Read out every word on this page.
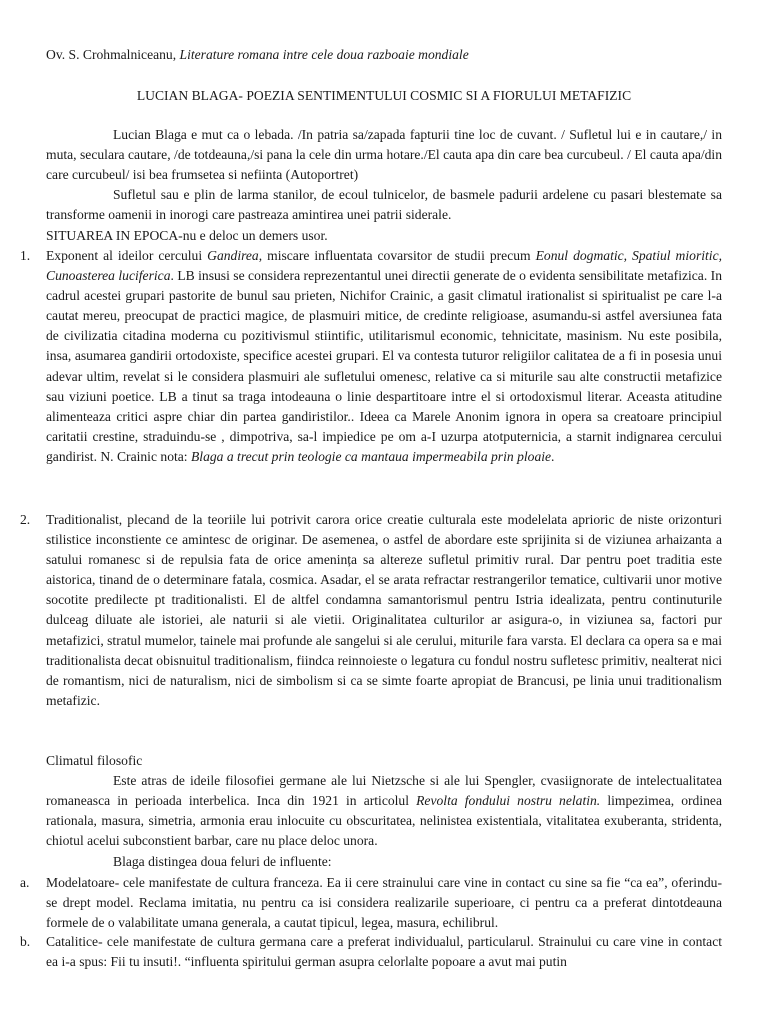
Ov. S. Crohmalniceanu, Literature romana intre cele doua razboaie mondiale
LUCIAN BLAGA- POEZIA SENTIMENTULUI COSMIC SI A FIORULUI METAFIZIC
Lucian Blaga e mut ca o lebada. /In patria sa/zapada fapturii tine loc de cuvant. / Sufletul lui e in cautare,/ in muta, seculara cautare, /de totdeauna,/si pana la cele din urma hotare./El cauta apa din care bea curcubeul. / El cauta apa/din care curcubeul/ isi bea frumsetea si nefiinta (Autoportret)
Sufletul sau e plin de larma stanilor, de ecoul tulnicelor, de basmele padurii ardelene cu pasari blestemate sa transforme oamenii in inorogi care pastreaza amintirea unei patrii siderale.
SITUAREA IN EPOCA-nu e deloc un demers usor.
1. Exponent al ideilor cercului Gandirea, miscare influentata covarsitor de studii precum Eonul dogmatic, Spatiul mioritic, Cunoasterea luciferica. LB insusi se considera reprezentantul unei directii generate de o evidenta sensibilitate metafizica. In cadrul acestei grupari pastorite de bunul sau prieten, Nichifor Crainic, a gasit climatul irationalist si spiritualist pe care l-a cautat mereu, preocupat de practici magice, de plasmuiri mitice, de credinte religioase, asumandu-si astfel aversiunea fata de civilizatia citadina moderna cu pozitivismul stiintific, utilitarismul economic, tehnicitate, masinism. Nu este posibila, insa, asumarea gandirii ortodoxiste, specifice acestei grupari. El va contesta tuturor religiilor calitatea de a fi in posesia unui adevar ultim, revelat si le considera plasmuiri ale sufletului omenesc, relative ca si miturile sau alte constructii metafizice sau viziuni poetice. LB a tinut sa traga intodeauna o linie despartitoare intre el si ortodoxismul literar. Aceasta atitudine alimenteaza critici aspre chiar din partea gandiristilor.. Ideea ca Marele Anonim ignora in opera sa creatoare principiul caritatii crestine, straduindu-se , dimpotriva, sa-l impiedice pe om a-I uzurpa atotputernicia, a starnit indignarea cercului gandirist. N. Crainic nota: Blaga a trecut prin teologie ca mantaua impermeabila prin ploaie.
2. Traditionalist, plecand de la teoriile lui potrivit carora orice creatie culturala este modelelata aprioric de niste orizonturi stilistice inconstiente ce amintesc de originar. De asemenea, o astfel de abordare este sprijinita si de viziunea arhaizanta a satului romanesc si de repulsia fata de orice amenința sa altereze sufletul primitiv rural. Dar pentru poet traditia este aistorica, tinand de o determinare fatala, cosmica. Asadar, el se arata refractar restrangerilor tematice, cultivarii unor motive socotite predilecte pt traditionalisti. El de altfel condamna samantorismul pentru Istria idealizata, pentru continuturile dulceag diluate ale istoriei, ale naturii si ale vietii. Originalitatea culturilor ar asigura-o, in viziunea sa, factori pur metafizici, stratul mumelor, tainele mai profunde ale sangelui si ale cerului, miturile fara varsta. El declara ca opera sa e mai traditionalista decat obisnuitul traditionalism, fiindca reinnoieste o legatura cu fondul nostru sufletesc primitiv, nealterat nici de romantism, nici de naturalism, nici de simbolism si ca se simte foarte apropiat de Brancusi, pe linia unui traditionalism metafizic.
Climatul filosofic
Este atras de ideile filosofiei germane ale lui Nietzsche si ale lui Spengler, cvasiignorate de intelectualitatea romaneasca in perioada interbelica. Inca din 1921 in articolul Revolta fondului nostru nelatin. limpezimea, ordinea rationala, masura, simetria, armonia erau inlocuite cu obscuritatea, nelinistea existentiala, vitalitatea exuberanta, stridenta, chiotul acelui subconstient barbar, care nu place deloc unora.
Blaga distingea doua feluri de influente:
a. Modelatoare- cele manifestate de cultura franceza. Ea ii cere strainului care vine in contact cu sine sa fie “ca ea”, oferindu-se drept model. Reclama imitatia, nu pentru ca isi considera realizarile superioare, ci pentru ca a preferat dintotdeauna formele de o valabilitate umana generala, a cautat tipicul, legea, masura, echilibrul.
b. Catalitice- cele manifestate de cultura germana care a preferat individualul, particularul. Strainului cu care vine in contact ea i-a spus: Fii tu insuti!. “influenta spiritului german asupra celorlalte popoare a avut mai putin
